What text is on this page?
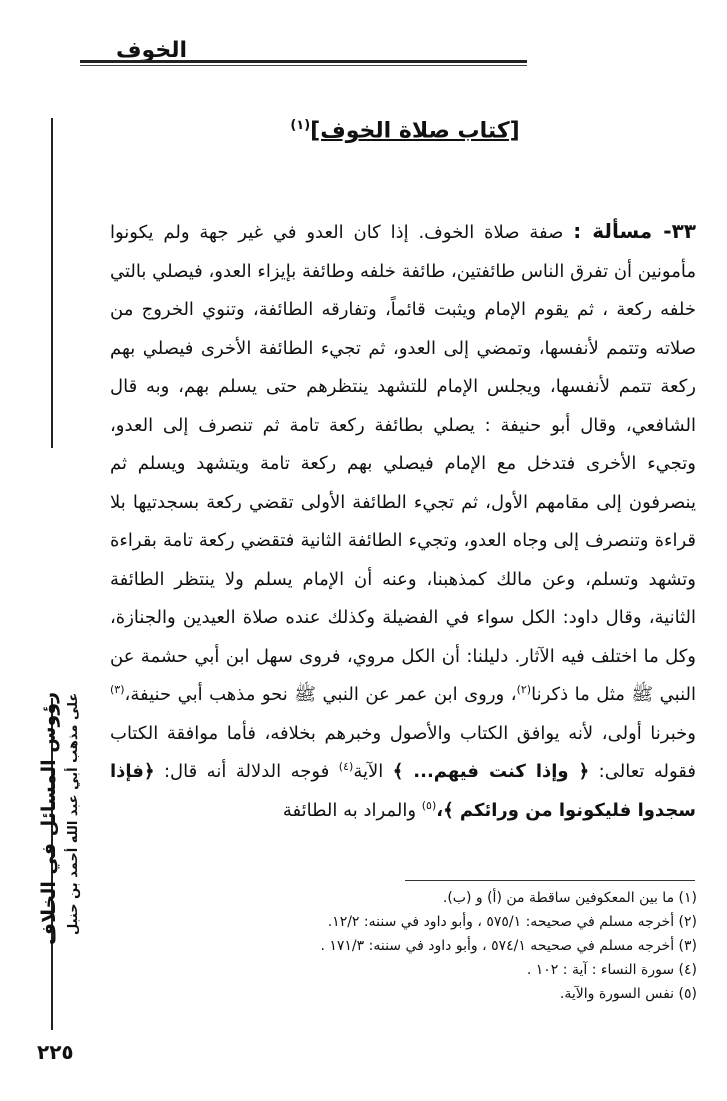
الخوف
رؤوس المسائل في الخلاف على مذهب أبي عبد الله أحمد بن حنبل
[كتاب صلاة الخوف]$^{(١)}$
٣٣- مسألة : صفة صلاة الخوف. إذا كان العدو في غير جهة ولم يكونوا مأمونين أن تفرق الناس طائفتين، طائفة خلفه وطائفة بإيزاء العدو، فيصلي بالتي خلفه ركعة ، ثم يقوم الإمام ويثبت قائماً، وتفارقه الطائفة، وتنوي الخروج من صلاته وتتمم لأنفسها، وتمضي إلى العدو، ثم تجيء الطائفة الأخرى فيصلي بهم ركعة تتمم لأنفسها، ويجلس الإمام للتشهد ينتظرهم حتى يسلم بهم، وبه قال الشافعي، وقال أبو حنيفة : يصلي بطائفة ركعة تامة ثم تنصرف إلى العدو، وتجيء الأخرى فتدخل مع الإمام فيصلي بهم ركعة تامة ويتشهد ويسلم ثم ينصرفون إلى مقامهم الأول، ثم تجيء الطائفة الأولى تقضي ركعة بسجدتيها بلا قراءة وتنصرف إلى وجاه العدو، وتجيء الطائفة الثانية فتقضي ركعة تامة بقراءة وتشهد وتسلم، وعن مالك كمذهبنا، وعنه أن الإمام يسلم ولا ينتظر الطائفة الثانية، وقال داود: الكل سواء في الفضيلة وكذلك عنده صلاة العيدين والجنازة، وكل ما اختلف فيه الآثار. دليلنا: أن الكل مروي، فروى سهل ابن أبي حشمة عن النبي ﷺ مثل ما ذكرنا$^{(٢)}$، وروى ابن عمر عن النبي ﷺ نحو مذهب أبي حنيفة،$^{(٣)}$ وخبرنا أولى، لأنه يوافق الكتاب والأصول وخبرهم بخلافه، فأما موافقة الكتاب فقوله تعالى: ﴿ وإذا كنت فيهم... ﴾ الآية$^{(٤)}$ فوجه الدلالة أنه قال: ﴿فإذا سجدوا فليكونوا من ورائكم ﴾،$^{(٥)}$ والمراد به الطائفة
(١) ما بين المعكوفين ساقطة من (أ) و (ب).
(٢) أخرجه مسلم في صحيحه: ٥٧٥/١ ، وأبو داود في سننه: ١٢/٢.
(٣) أخرجه مسلم في صحيحه ٥٧٤/١ ، وأبو داود في سننه: ١٧١/٣ .
(٤) سورة النساء : آية : ١٠٢ .
(٥) نفس السورة والآية.
٢٢٥
